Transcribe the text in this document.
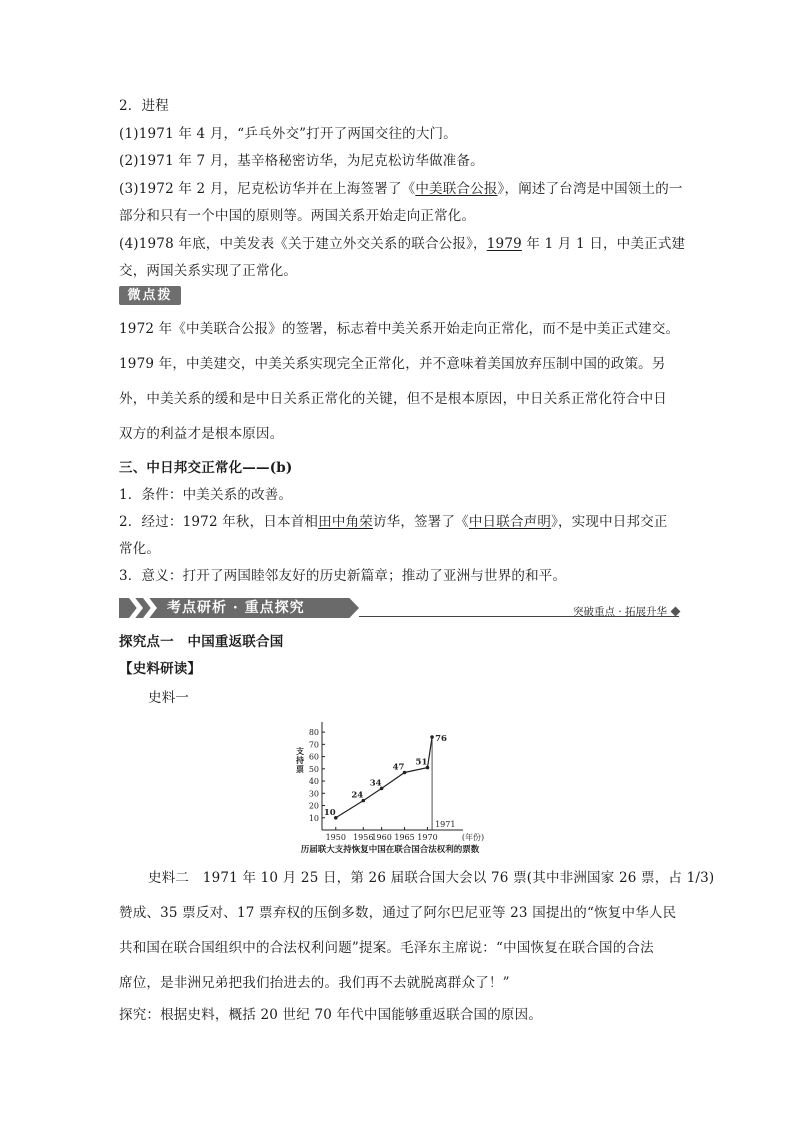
2．进程
(1)1971 年 4 月，“乒乓外交”打开了两国交往的大门。
(2)1971 年 7 月，基辛格秘密访华，为尼克松访华做准备。
(3)1972 年 2 月，尼克松访华并在上海签署了《中美联合公报》，阐述了台湾是中国领土的一
部分和只有一个中国的原则等。两国关系开始走向正常化。
(4)1978 年底，中美发表《关于建立外交关系的联合公报》，1979 年 1 月 1 日，中美正式建
交，两国关系实现了正常化。
微点拨
1972 年《中美联合公报》的签署，标志着中美关系开始走向正常化，而不是中美正式建交。
1979 年，中美建交，中美关系实现完全正常化，并不意味着美国放弃压制中国的政策。另
外，中美关系的缓和是中日关系正常化的关键，但不是根本原因，中日关系正常化符合中日
双方的利益才是根本原因。
三、中日邦交正常化——(b)
1．条件：中美关系的改善。
2．经过：1972 年秋，日本首相田中角荣访华，签署了《中日联合声明》，实现中日邦交正
常化。
3．意义：打开了两国睦邻友好的历史新篇章；推动了亚洲与世界的和平。
考点研析 · 重点探究	突破重点 · 拓展升华
探究点一　中国重返联合国
【史料研读】
史料一
10
20
30
40
50
60
70
80
1950 1956
1960 1965 1970	(年份)
支
持
票
10
24
34
47 51
76
1971
历届联大支持恢复中国在联合国合法权利的票数
史料二　1971 年 10 月 25 日，第 26 届联合国大会以 76 票(其中非洲国家 26 票，占 1/3)
赞成、35 票反对、17 票弃权的压倒多数，通过了阿尔巴尼亚等 23 国提出的“恢复中华人民
共和国在联合国组织中的合法权利问题”提案。毛泽东主席说：“中国恢复在联合国的合法
席位，是非洲兄弟把我们抬进去的。我们再不去就脱离群众了！”
探究：根据史料，概括 20 世纪 70 年代中国能够重返联合国的原因。
